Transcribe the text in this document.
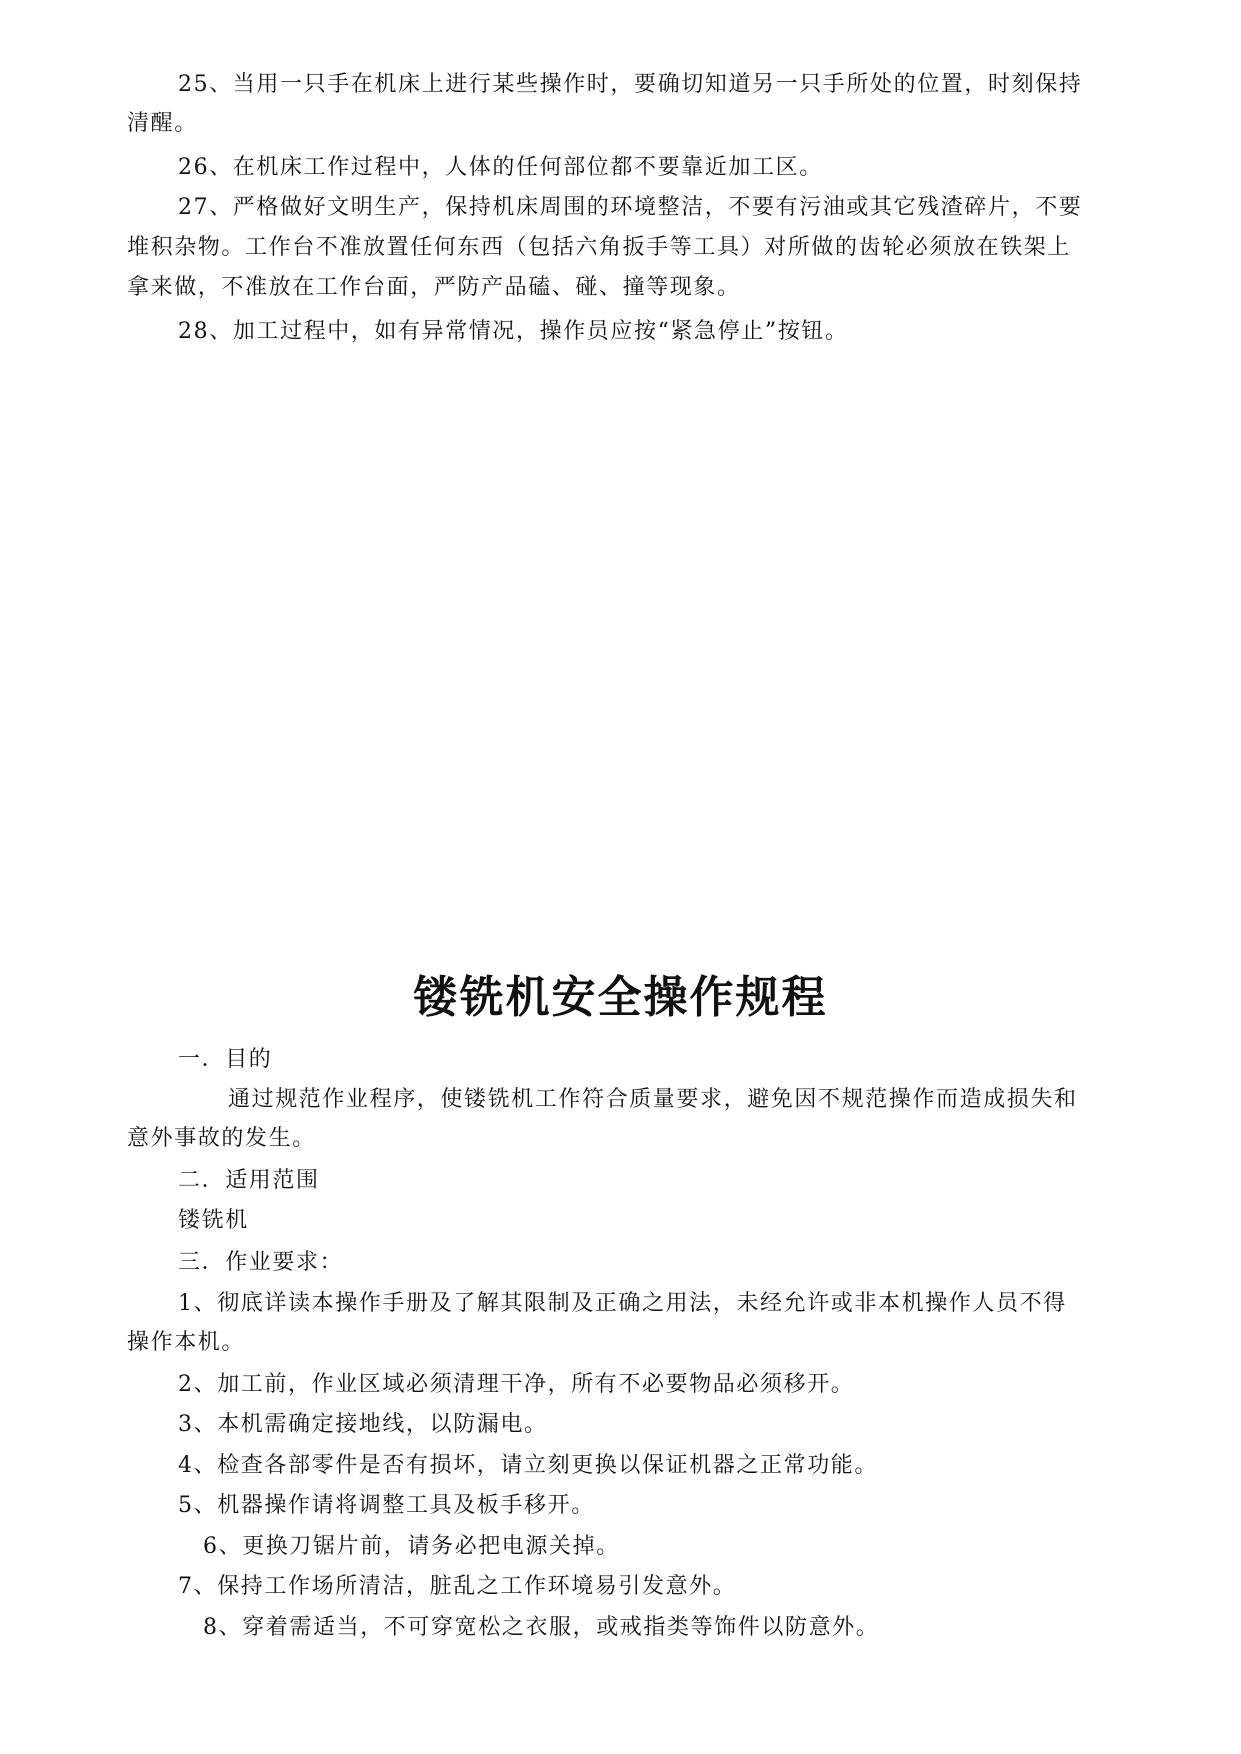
25、当用一只手在机床上进行某些操作时，要确切知道另一只手所处的位置，时刻保持
清醒。
26、在机床工作过程中，人体的任何部位都不要靠近加工区。
27、严格做好文明生产，保持机床周围的环境整洁，不要有污油或其它残渣碎片，不要
堆积杂物。工作台不准放置任何东西（包括六角扳手等工具）对所做的齿轮必须放在铁架上
拿来做，不准放在工作台面，严防产品磕、碰、撞等现象。
28、加工过程中，如有异常情况，操作员应按“紧急停止”按钮。
镂铣机安全操作规程
一．目的
通过规范作业程序，使镂铣机工作符合质量要求，避免因不规范操作而造成损失和
意外事故的发生。
二．适用范围
镂铣机
三．作业要求：
1、彻底详读本操作手册及了解其限制及正确之用法，未经允许或非本机操作人员不得
操作本机。
2、加工前，作业区域必须清理干净，所有不必要物品必须移开。
3、本机需确定接地线，以防漏电。
4、检查各部零件是否有损坏，请立刻更换以保证机器之正常功能。
5、机器操作请将调整工具及板手移开。
6、更换刀锯片前，请务必把电源关掉。
7、保持工作场所清洁，脏乱之工作环境易引发意外。
8、穿着需适当，不可穿宽松之衣服，或戒指类等饰件以防意外。
